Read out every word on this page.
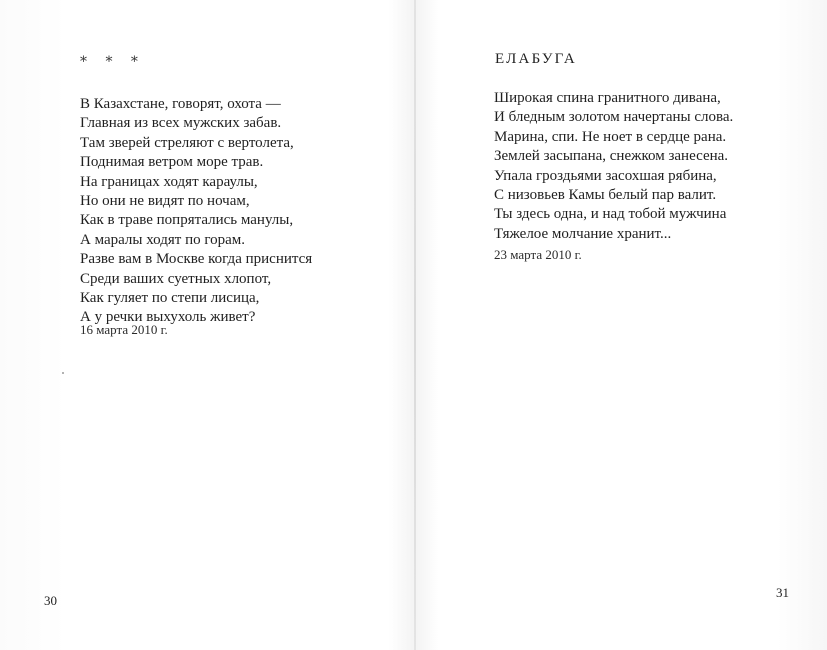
* * *
В Казахстане, говорят, охота —
Главная из всех мужских забав.
Там зверей стреляют с вертолета,
Поднимая ветром море трав.
На границах ходят караулы,
Но они не видят по ночам,
Как в траве попрятались манулы,
А маралы ходят по горам.
Разве вам в Москве когда приснится
Среди ваших суетных хлопот,
Как гуляет по степи лисица,
А у речки выхухоль живет?
16 марта 2010 г.
30
ЕЛАБУГА
Широкая спина гранитного дивана,
И бледным золотом начертаны слова.
Марина, спи. Не ноет в сердце рана.
Землей засыпана, снежком занесена.
Упала гроздьями засохшая рябина,
С низовьев Камы белый пар валит.
Ты здесь одна, и над тобой мужчина
Тяжелое молчание хранит...
23 марта 2010 г.
31
